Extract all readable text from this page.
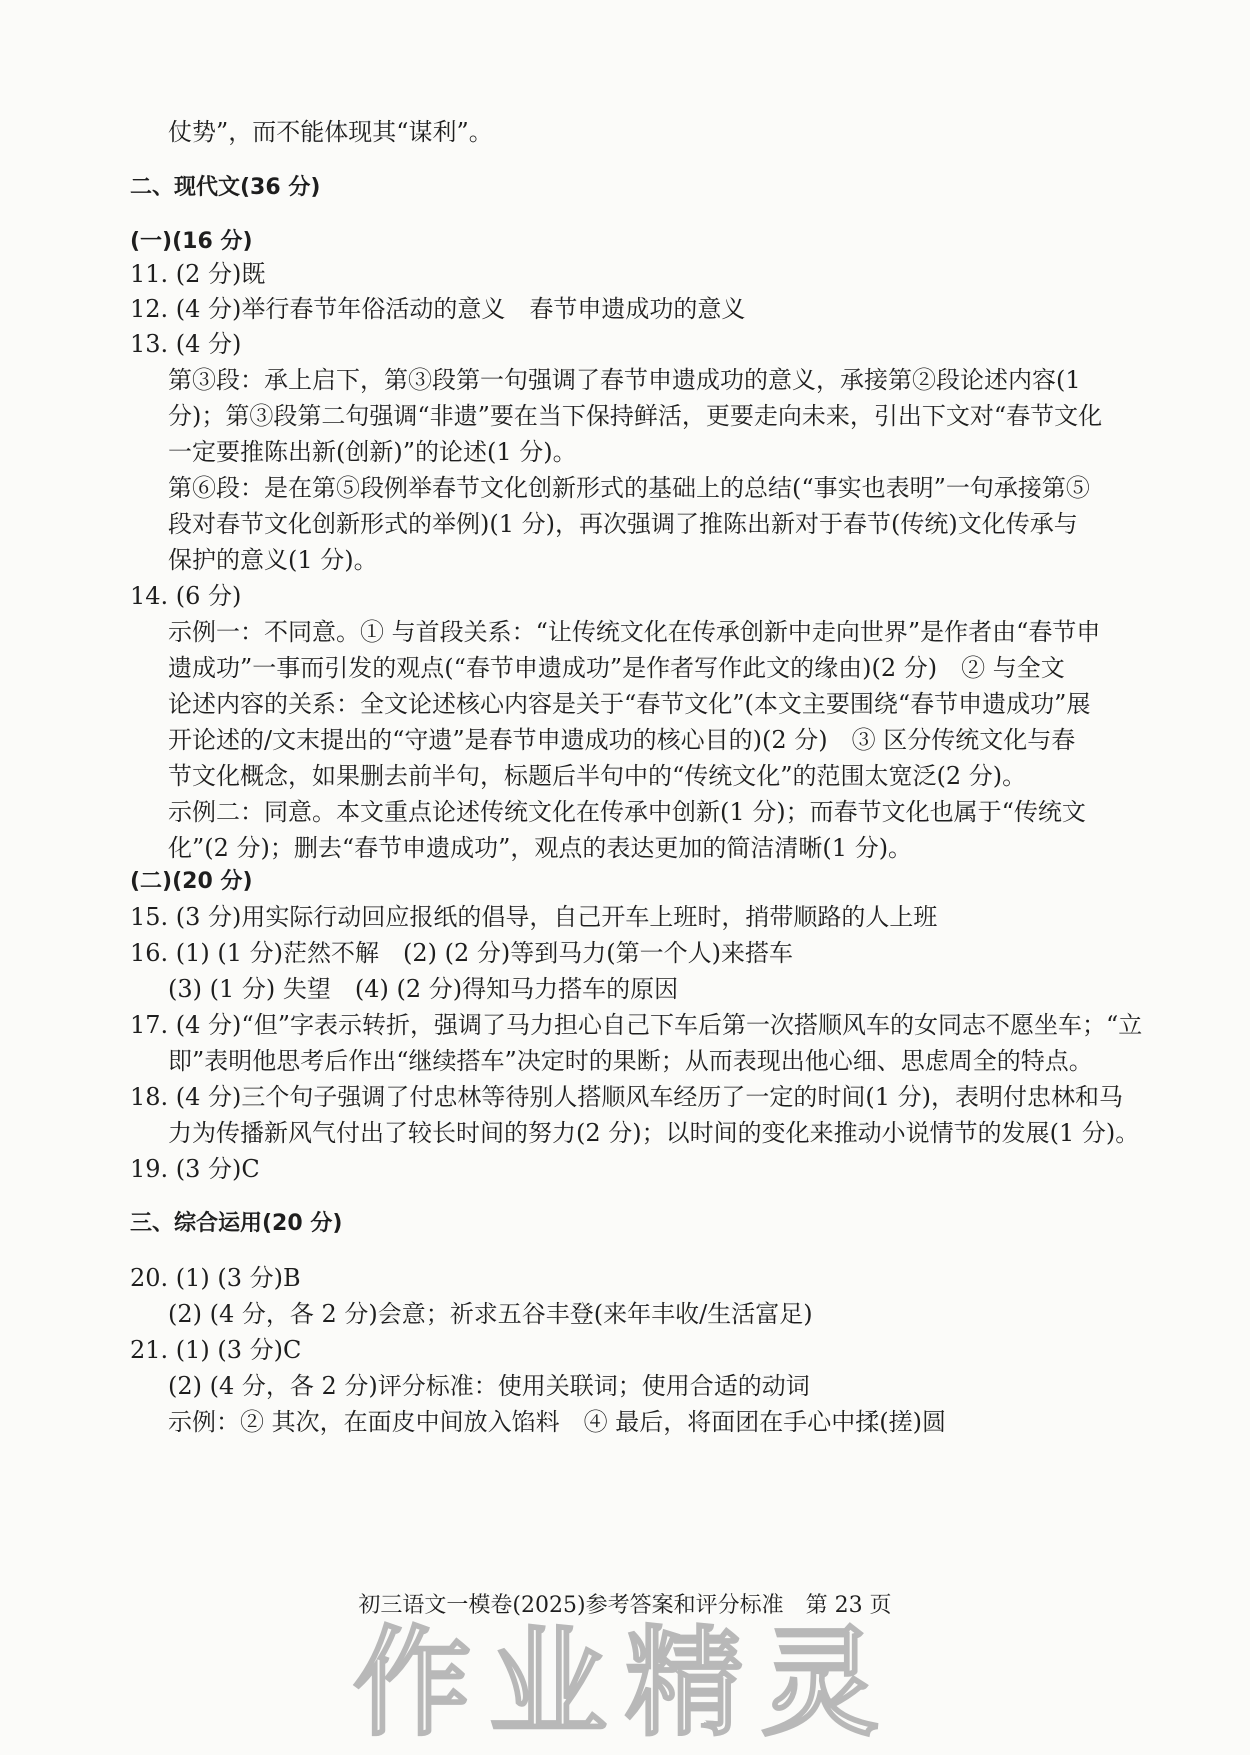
仗势”，而不能体现其“谋利”。
二、现代文(36 分)
(一)(16 分)
11. (2 分)既
12. (4 分)举行春节年俗活动的意义　春节申遗成功的意义
13. (4 分)
第③段：承上启下，第③段第一句强调了春节申遗成功的意义，承接第②段论述内容(1
分)；第③段第二句强调“非遗”要在当下保持鲜活，更要走向未来，引出下文对“春节文化
一定要推陈出新(创新)”的论述(1 分)。
第⑥段：是在第⑤段例举春节文化创新形式的基础上的总结(“事实也表明”一句承接第⑤
段对春节文化创新形式的举例)(1 分)，再次强调了推陈出新对于春节(传统)文化传承与
保护的意义(1 分)。
14. (6 分)
示例一：不同意。① 与首段关系：“让传统文化在传承创新中走向世界”是作者由“春节申
遗成功”一事而引发的观点(“春节申遗成功”是作者写作此文的缘由)(2 分)　② 与全文
论述内容的关系：全文论述核心内容是关于“春节文化”(本文主要围绕“春节申遗成功”展
开论述的/文末提出的“守遗”是春节申遗成功的核心目的)(2 分)　③ 区分传统文化与春
节文化概念，如果删去前半句，标题后半句中的“传统文化”的范围太宽泛(2 分)。
示例二：同意。本文重点论述传统文化在传承中创新(1 分)；而春节文化也属于“传统文
化”(2 分)；删去“春节申遗成功”，观点的表达更加的简洁清晰(1 分)。
(二)(20 分)
15. (3 分)用实际行动回应报纸的倡导，自己开车上班时，捎带顺路的人上班
16. (1) (1 分)茫然不解　(2) (2 分)等到马力(第一个人)来搭车
(3) (1 分) 失望　(4) (2 分)得知马力搭车的原因
17. (4 分)“但”字表示转折，强调了马力担心自己下车后第一次搭顺风车的女同志不愿坐车；“立
即”表明他思考后作出“继续搭车”决定时的果断；从而表现出他心细、思虑周全的特点。
18. (4 分)三个句子强调了付忠林等待别人搭顺风车经历了一定的时间(1 分)，表明付忠林和马
力为传播新风气付出了较长时间的努力(2 分)；以时间的变化来推动小说情节的发展(1 分)。
19. (3 分)C
三、综合运用(20 分)
20. (1) (3 分)B
(2) (4 分，各 2 分)会意；祈求五谷丰登(来年丰收/生活富足)
21. (1) (3 分)C
(2) (4 分，各 2 分)评分标准：使用关联词；使用合适的动词
示例：② 其次，在面皮中间放入馅料　④ 最后，将面团在手心中揉(搓)圆
初三语文一模卷(2025)参考答案和评分标准 第 23 页
作业精灵
